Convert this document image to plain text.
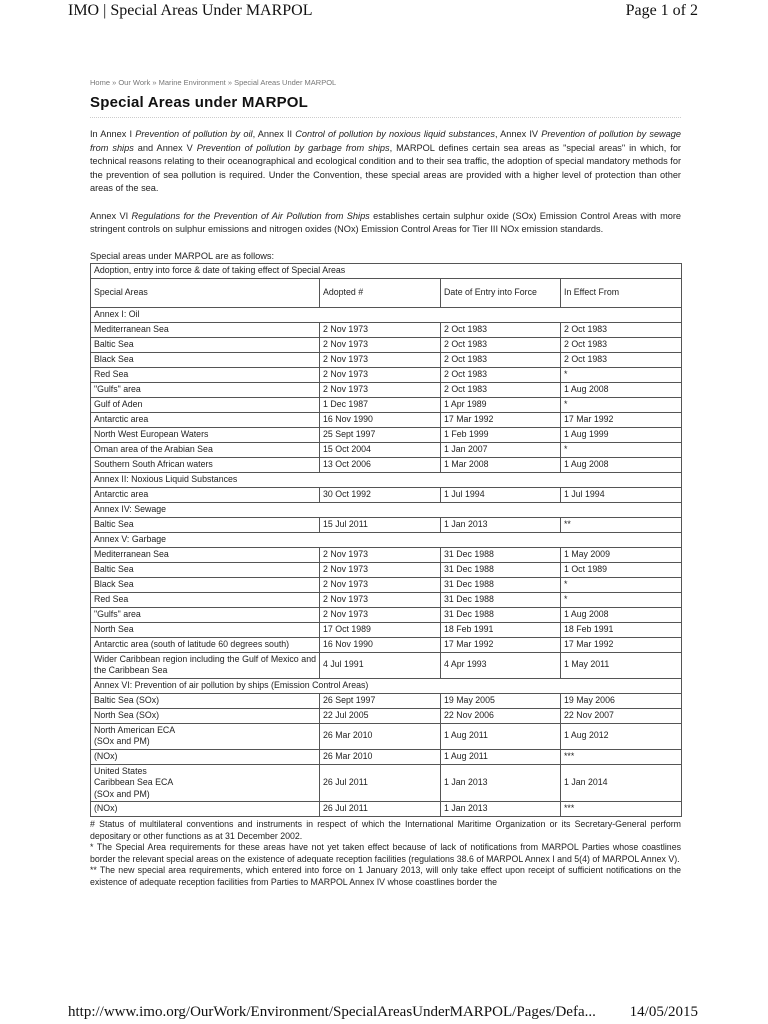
IMO | Special Areas Under MARPOL	Page 1 of 2
Home » Our Work » Marine Environment » Special Areas Under MARPOL
Special Areas under MARPOL

In Annex I Prevention of pollution by oil, Annex II Control of pollution by noxious liquid substances, Annex IV Prevention of pollution by sewage from ships and Annex V Prevention of pollution by garbage from ships, MARPOL defines certain sea areas as "special areas" in which, for technical reasons relating to their oceanographical and ecological condition and to their sea traffic, the adoption of special mandatory methods for the prevention of sea pollution is required. Under the Convention, these special areas are provided with a higher level of protection than other areas of the sea.

Annex VI Regulations for the Prevention of Air Pollution from Ships establishes certain sulphur oxide (SOx) Emission Control Areas with more stringent controls on sulphur emissions and nitrogen oxides (NOx) Emission Control Areas for Tier III NOx emission standards.

Special areas under MARPOL are as follows:
Adoption, entry into force & date of taking effect of Special Areas			
Special Areas	Adopted #	Date of Entry into Force	In Effect From
Annex I: Oil			
Mediterranean Sea	2 Nov 1973	2 Oct 1983	2 Oct 1983
Baltic Sea	2 Nov 1973	2 Oct 1983	2 Oct 1983
Black Sea	2 Nov 1973	2 Oct 1983	2 Oct 1983
Red Sea	2 Nov 1973	2 Oct 1983	*
"Gulfs" area	2 Nov 1973	2 Oct 1983	1 Aug 2008
Gulf of Aden	1 Dec 1987	1 Apr 1989	*
Antarctic area	16 Nov 1990	17 Mar 1992	17 Mar 1992
North West European Waters	25 Sept 1997	1 Feb 1999	1 Aug 1999
Oman area of the Arabian Sea	15 Oct 2004	1 Jan 2007	*
Southern South African waters	13 Oct 2006	1 Mar 2008	1 Aug 2008
Annex II: Noxious Liquid Substances			
Antarctic area	30 Oct 1992	1 Jul 1994	1 Jul 1994
Annex IV: Sewage			
Baltic Sea	15 Jul 2011	1 Jan 2013	**
Annex V: Garbage			
Mediterranean Sea	2 Nov 1973	31 Dec 1988	1 May 2009
Baltic Sea	2 Nov 1973	31 Dec 1988	1 Oct 1989
Black Sea	2 Nov 1973	31 Dec 1988	*
Red Sea	2 Nov 1973	31 Dec 1988	*
"Gulfs" area	2 Nov 1973	31 Dec 1988	1 Aug 2008
North Sea	17 Oct 1989	18 Feb 1991	18 Feb 1991
Antarctic area (south of latitude 60 degrees south)	16 Nov 1990	17 Mar 1992	17 Mar 1992
Wider Caribbean region including the Gulf of Mexico and the Caribbean Sea	4 Jul 1991	4 Apr 1993	1 May 2011
Annex VI: Prevention of air pollution by ships (Emission Control Areas)			
Baltic Sea (SOx)	26 Sept 1997	19 May 2005	19 May 2006
North Sea (SOx)	22 Jul 2005	22 Nov 2006	22 Nov 2007
North American ECA
(SOx and PM)	26 Mar 2010	1 Aug 2011	1 Aug 2012
(NOx)	26 Mar 2010	1 Aug 2011	***
United States
Caribbean Sea ECA
(SOx and PM)	26 Jul 2011	1 Jan 2013	1 Jan 2014
(NOx)	26 Jul 2011	1 Jan 2013	***

# Status of multilateral conventions and instruments in respect of which the International Maritime Organization or its Secretary-General perform depositary or other functions as at 31 December 2002.

* The Special Area requirements for these areas have not yet taken effect because of lack of notifications from MARPOL Parties whose coastlines border the relevant special areas on the existence of adequate reception facilities (regulations 38.6 of MARPOL Annex I and 5(4) of MARPOL Annex V).

** The new special area requirements, which entered into force on 1 January 2013, will only take effect upon receipt of sufficient notifications on the existence of adequate reception facilities from Parties to MARPOL Annex IV whose coastlines border the

http://www.imo.org/OurWork/Environment/SpecialAreasUnderMARPOL/Pages/Defa... 14/05/2015
